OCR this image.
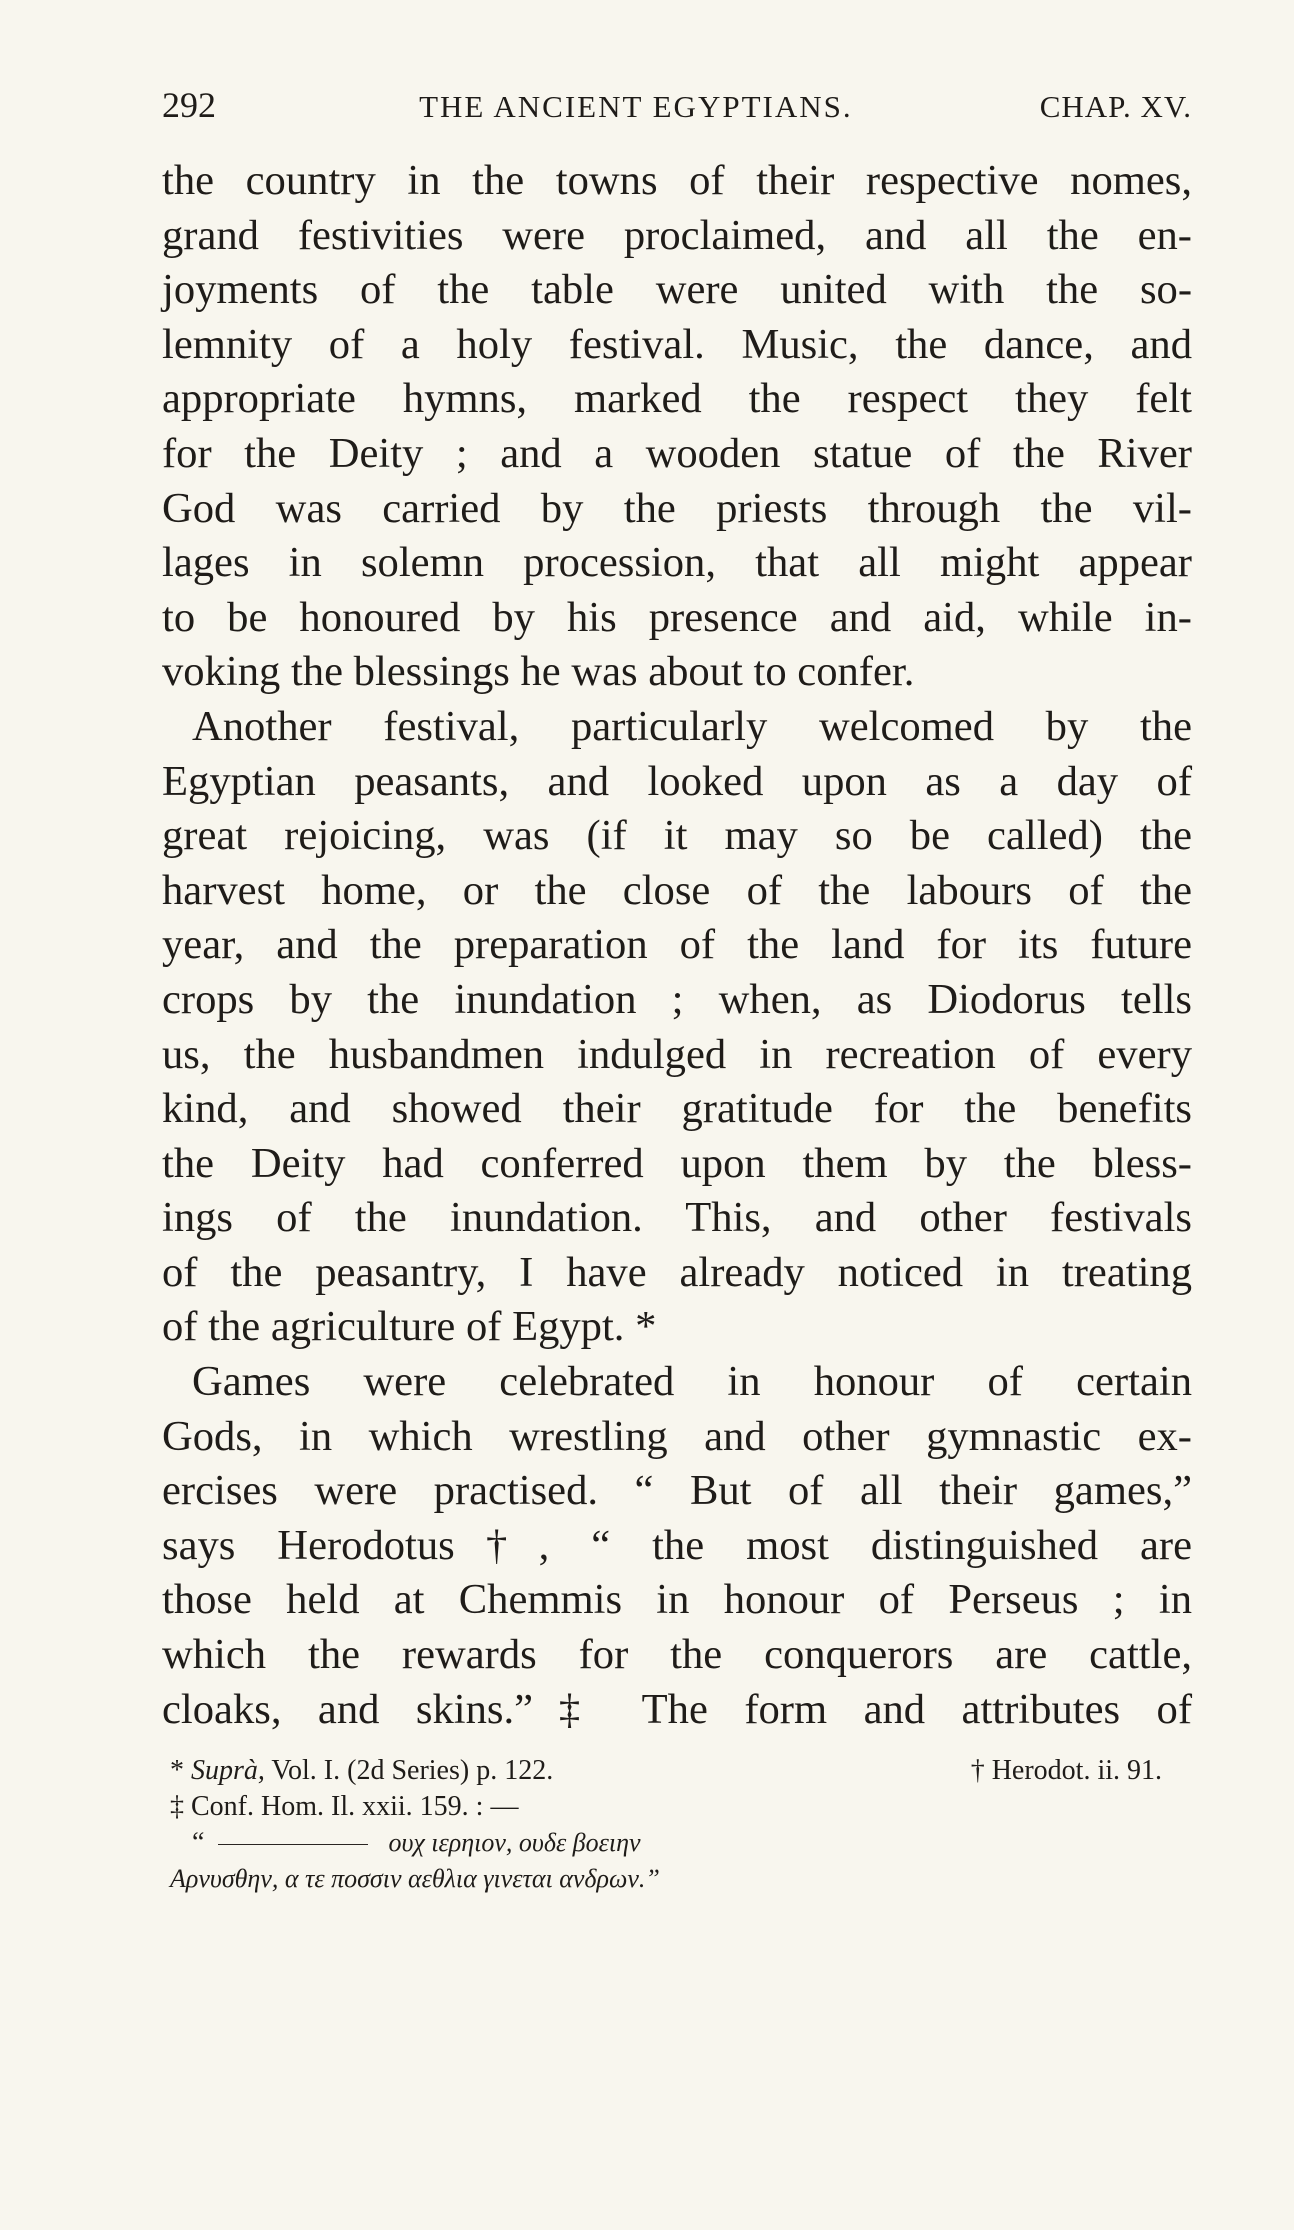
292	THE ANCIENT EGYPTIANS.	CHAP. XV.
the country in the towns of their respective nomes,
grand festivities were proclaimed, and all the en-
joyments of the table were united with the so-
lemnity of a holy festival. Music, the dance, and
appropriate hymns, marked the respect they felt
for the Deity ; and a wooden statue of the River
God was carried by the priests through the vil-
lages in solemn procession, that all might appear
to be honoured by his presence and aid, while in-
voking the blessings he was about to confer.
Another festival, particularly welcomed by the
Egyptian peasants, and looked upon as a day of
great rejoicing, was (if it may so be called) the
harvest home, or the close of the labours of the
year, and the preparation of the land for its future
crops by the inundation ; when, as Diodorus tells
us, the husbandmen indulged in recreation of every
kind, and showed their gratitude for the benefits
the Deity had conferred upon them by the bless-
ings of the inundation. This, and other festivals
of the peasantry, I have already noticed in treating
of the agriculture of Egypt. *
Games were celebrated in honour of certain
Gods, in which wrestling and other gymnastic ex-
ercises were practised. “ But of all their games,”
says Herodotus†, “ the most distinguished are
those held at Chemmis in honour of Perseus ; in
which the rewards for the conquerors are cattle,
cloaks, and skins.”‡ The form and attributes of
* Suprà, Vol. I. (2d Series) p. 122.	† Herodot. ii. 91.
‡ Conf. Hom. Il. xxii. 159. : —
“	ουχ ιερηιον, ουδε βοειην
Αρνυσθην, α τε ποσσιν αεθλια γινεται ανδρων.”
